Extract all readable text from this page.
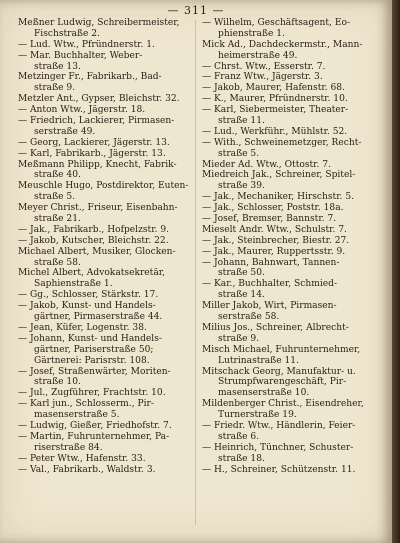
— 311 —
Meßner Ludwig, Schreibermeister,
Fischstraße 2.
— Lud. Wtw., Pfründnerstr. 1.
— Mar. Buchhalter, Weber-
straße 13.
Metzinger Fr., Fabrikarb., Bad-
straße 9.
Metzler Ant., Gypser, Bleichstr. 32.
— Anton Wtw., Jägerstr. 18.
— Friedrich, Lackierer, Pirmasen-
serstraße 49.
— Georg, Lackierer, Jägerstr. 13.
— Karl, Fabrikarb., Jägerstr. 13.
Meßmann Philipp, Knecht, Fabrik-
straße 40.
Meuschle Hugo, Postdirektor, Euten-
straße 5.
Meyer Christ., Friseur, Eisenbahn-
straße 21.
— Jak., Fabrikarb., Hofpelzstr. 9.
— Jakob, Kutscher, Bleichstr. 22.
Michael Albert, Musiker, Glocken-
straße 58.
Michel Albert, Advokatsekretär,
Saphienstraße 1.
— Gg., Schlosser, Stärkstr. 17.
— Jakob, Kunst- und Handels-
gärtner, Pirmaserstraße 44.
— Jean, Küfer, Logenstr. 38.
— Johann, Kunst- und Handels-
gärtner, Pariserstraße 50;
Gärtnerei: Parisrstr. 108.
— Josef, Straßenwärter, Moriten-
straße 10.
— Jul., Zugführer, Frachtstr. 10.
— Karl jun., Schlosserm., Pir-
masenserstraße 5.
— Ludwig, Gießer, Friedhofstr. 7.
— Martin, Fuhrunternehmer, Pa-
riserstraße 84.
— Peter Wtw., Hafenstr. 33.
— Val., Fabrikarb., Waldstr. 3.
— Wilhelm, Geschäftsagent, Eo-
phienstraße 1.
Mick Ad., Dachdeckermstr., Mann-
heimerstraße 49.
— Chrst. Wtw., Esserstr. 7.
— Franz Wtw., Jägerstr. 3.
— Jakob, Maurer, Hafenstr. 68.
— K., Maurer, Pfründnerstr. 10.
— Karl, Siebermeister, Theater-
straße 11.
— Lud., Werkführ., Mühlstr. 52.
— With., Schweinemetzger, Recht-
straße 5.
Mieder Ad. Wtw., Ottostr. 7.
Miedreich Jak., Schreiner, Spitel-
straße 39.
— Jak., Mechaniker, Hirschstr. 5.
— Jak., Schlosser, Poststr. 18a.
— Josef, Bremser, Bannstr. 7.
Mieselt Andr. Wtw., Schulstr. 7.
— Jak., Steinbrecher, Biestr. 27.
— Jak., Maurer, Ruppertsstr. 9.
— Johann, Bahnwart, Tannen-
straße 50.
— Kar., Buchhalter, Schmied-
straße 14.
Miller Jakob, Wirt, Pirmasen-
serstraße 58.
Milius Jos., Schreiner, Albrecht-
straße 9.
Misch Michael, Fuhrunternehmer,
Lutrinastraße 11.
Mitschack Georg, Manufaktur- u.
Strumpfwarengeschäft, Pir-
masenserstraße 10.
Mildenberger Christ., Eisendreher,
Turnerstraße 19.
— Friedr. Wtw., Händlerin, Feier-
straße 6.
— Heinrich, Tünchner, Schuster-
straße 18.
— H., Schreiner, Schützenstr. 11.
